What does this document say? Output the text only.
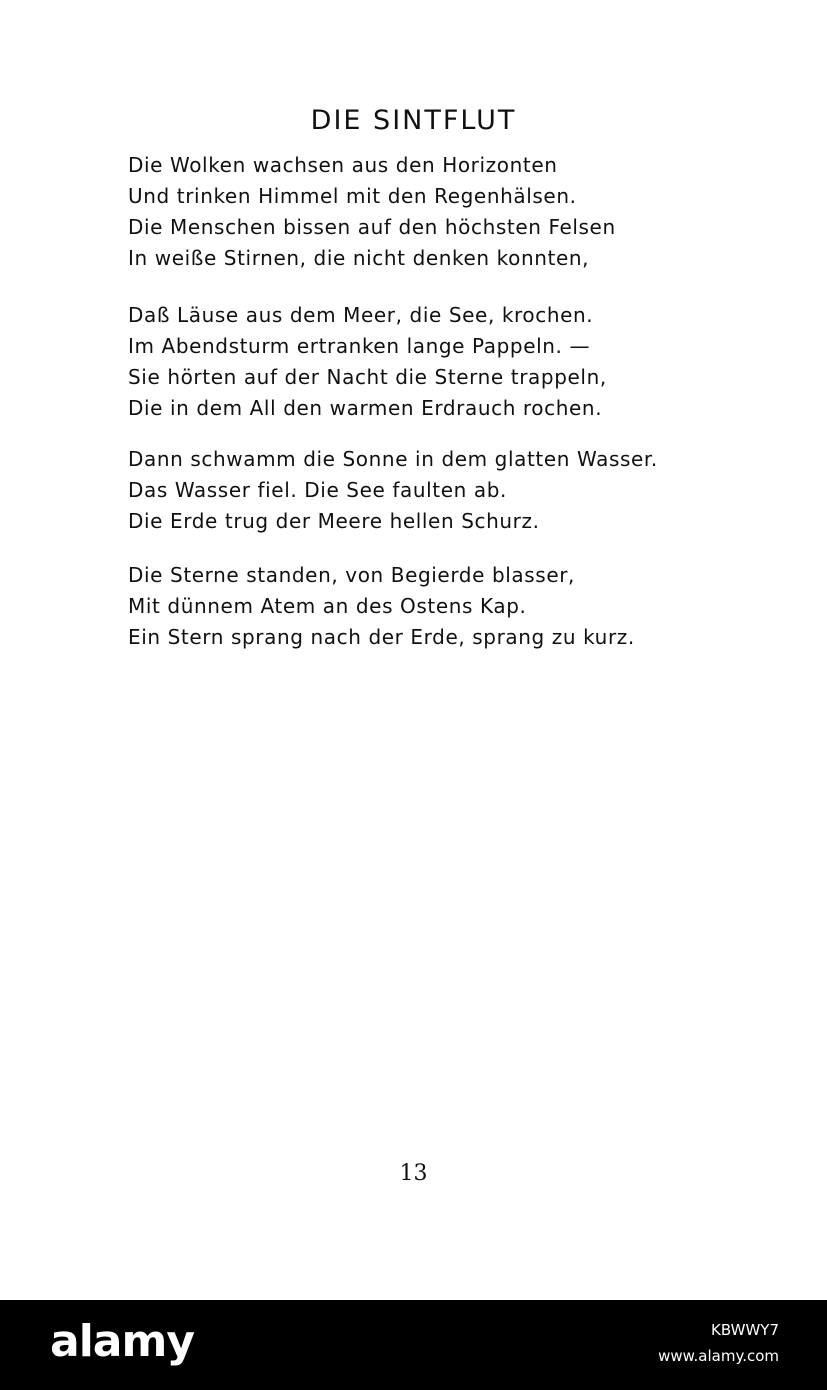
DIE SINTFLUT
Die Wolken wachsen aus den Horizonten
Und trinken Himmel mit den Regenhälsen.
Die Menschen bissen auf den höchsten Felsen
In weiße Stirnen, die nicht denken konnten,
Daß Läuse aus dem Meer, die See, krochen.
Im Abendsturm ertranken lange Pappeln. —
Sie hörten auf der Nacht die Sterne trappeln,
Die in dem All den warmen Erdrauch rochen.
Dann schwamm die Sonne in dem glatten Wasser.
Das Wasser fiel. Die See faulten ab.
Die Erde trug der Meere hellen Schurz.
Die Sterne standen, von Begierde blasser,
Mit dünnem Atem an des Ostens Kap.
Ein Stern sprang nach der Erde, sprang zu kurz.
13
alamy	KBWWY7
www.alamy.com
